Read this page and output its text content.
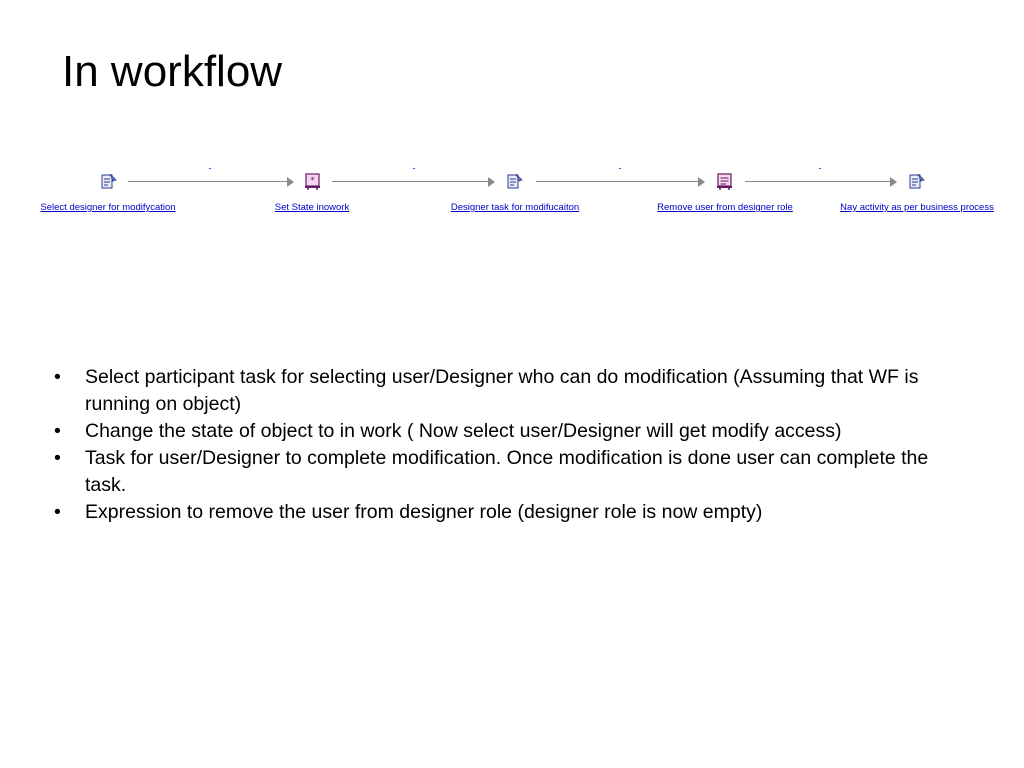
In workflow
Select designer for modifycation
-
*
Set State inowork
-
Designer task for modifucaiton
-
Remove user from designer role
-
Nay activity as per business process
• Select participant task for selecting user/Designer who can do modification (Assuming that WF is running on object)
• Change the state of object to in work ( Now select user/Designer will get modify access)
• Task for user/Designer to complete modification. Once modification is done user can complete the task.
• Expression to remove the user from designer role (designer role is now empty)
